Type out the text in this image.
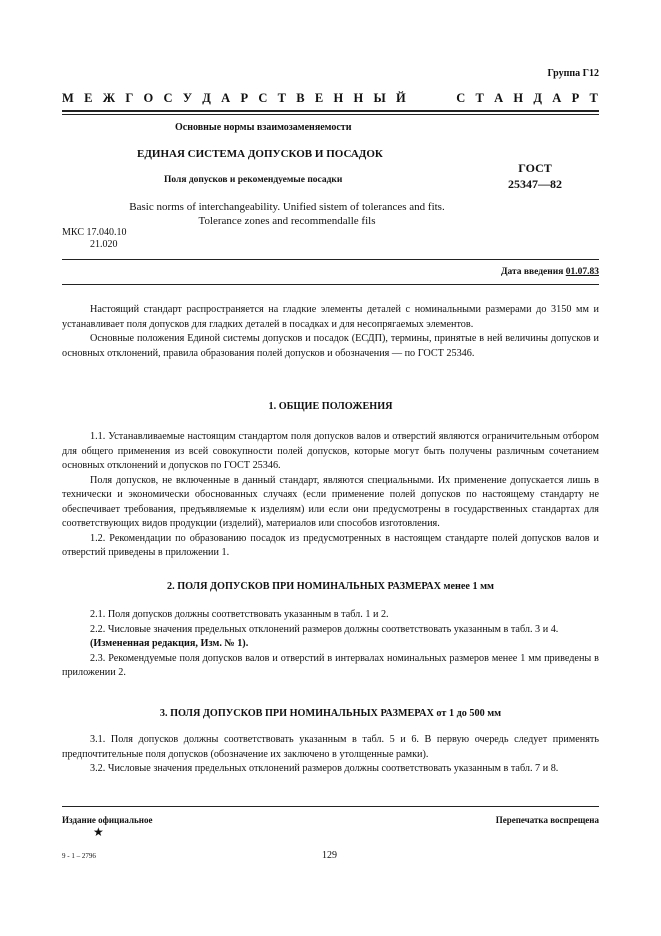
Группа Г12
М Е Ж Г О С У Д А Р С Т В Е Н Н Ы Й

	С Т А Н Д А Р Т
Основные нормы взаимозаменяемости
ЕДИНАЯ СИСТЕМА ДОПУСКОВ И ПОСАДОК
Поля допусков и рекомендуемые посадки
ГОСТ
25347—82
Basic norms of interchangeability. Unified sistem of tolerances and fits.
Tolerance zones and recommendalle fils
МКС 17.040.10
21.020
Дата введения 01.07.83

Настоящий стандарт распространяется на гладкие элементы деталей с номинальными размерами до 3150 мм и устанавливает поля допусков для гладких деталей в посадках и для несопрягаемых элементов.

Основные положения Единой системы допусков и посадок (ЕСДП), термины, принятые в ней величины допусков и основных отклонений, правила образования полей допусков и обозначения — по ГОСТ 25346.

1. ОБЩИЕ ПОЛОЖЕНИЯ

1.1. Устанавливаемые настоящим стандартом поля допусков валов и отверстий являются ограничительным отбором для общего применения из всей совокупности полей допусков, которые могут быть получены различным сочетанием основных отклонений и допусков по ГОСТ 25346.

Поля допусков, не включенные в данный стандарт, являются специальными. Их применение допускается лишь в технически и экономически обоснованных случаях (если применение полей допусков по настоящему стандарту не обеспечивает требования, предъявляемые к изделиям) или если они предусмотрены в государственных стандартах для соответствующих видов продукции (изделий), материалов или способов изготовления.

1.2. Рекомендации по образованию посадок из предусмотренных в настоящем стандарте полей допусков валов и отверстий приведены в приложении 1.

2. ПОЛЯ ДОПУСКОВ ПРИ НОМИНАЛЬНЫХ РАЗМЕРАХ менее 1 мм

2.1. Поля допусков должны соответствовать указанным в табл. 1 и 2.

2.2. Числовые значения предельных отклонений размеров должны соответствовать указанным в табл. 3 и 4.

(Измененная редакция, Изм. № 1).

2.3. Рекомендуемые поля допусков валов и отверстий в интервалах номинальных размеров менее 1 мм приведены в приложении 2.

3. ПОЛЯ ДОПУСКОВ ПРИ НОМИНАЛЬНЫХ РАЗМЕРАХ от 1 до 500 мм

3.1. Поля допусков должны соответствовать указанным в табл. 5 и 6. В первую очередь следует применять предпочтительные поля допусков (обозначение их заключено в утолщенные рамки).

3.2. Числовые значения предельных отклонений размеров должны соответствовать указанным в табл. 7 и 8.

Издание официальное	Перепечатка воспрещена
★
9 - 1 – 2796	129
